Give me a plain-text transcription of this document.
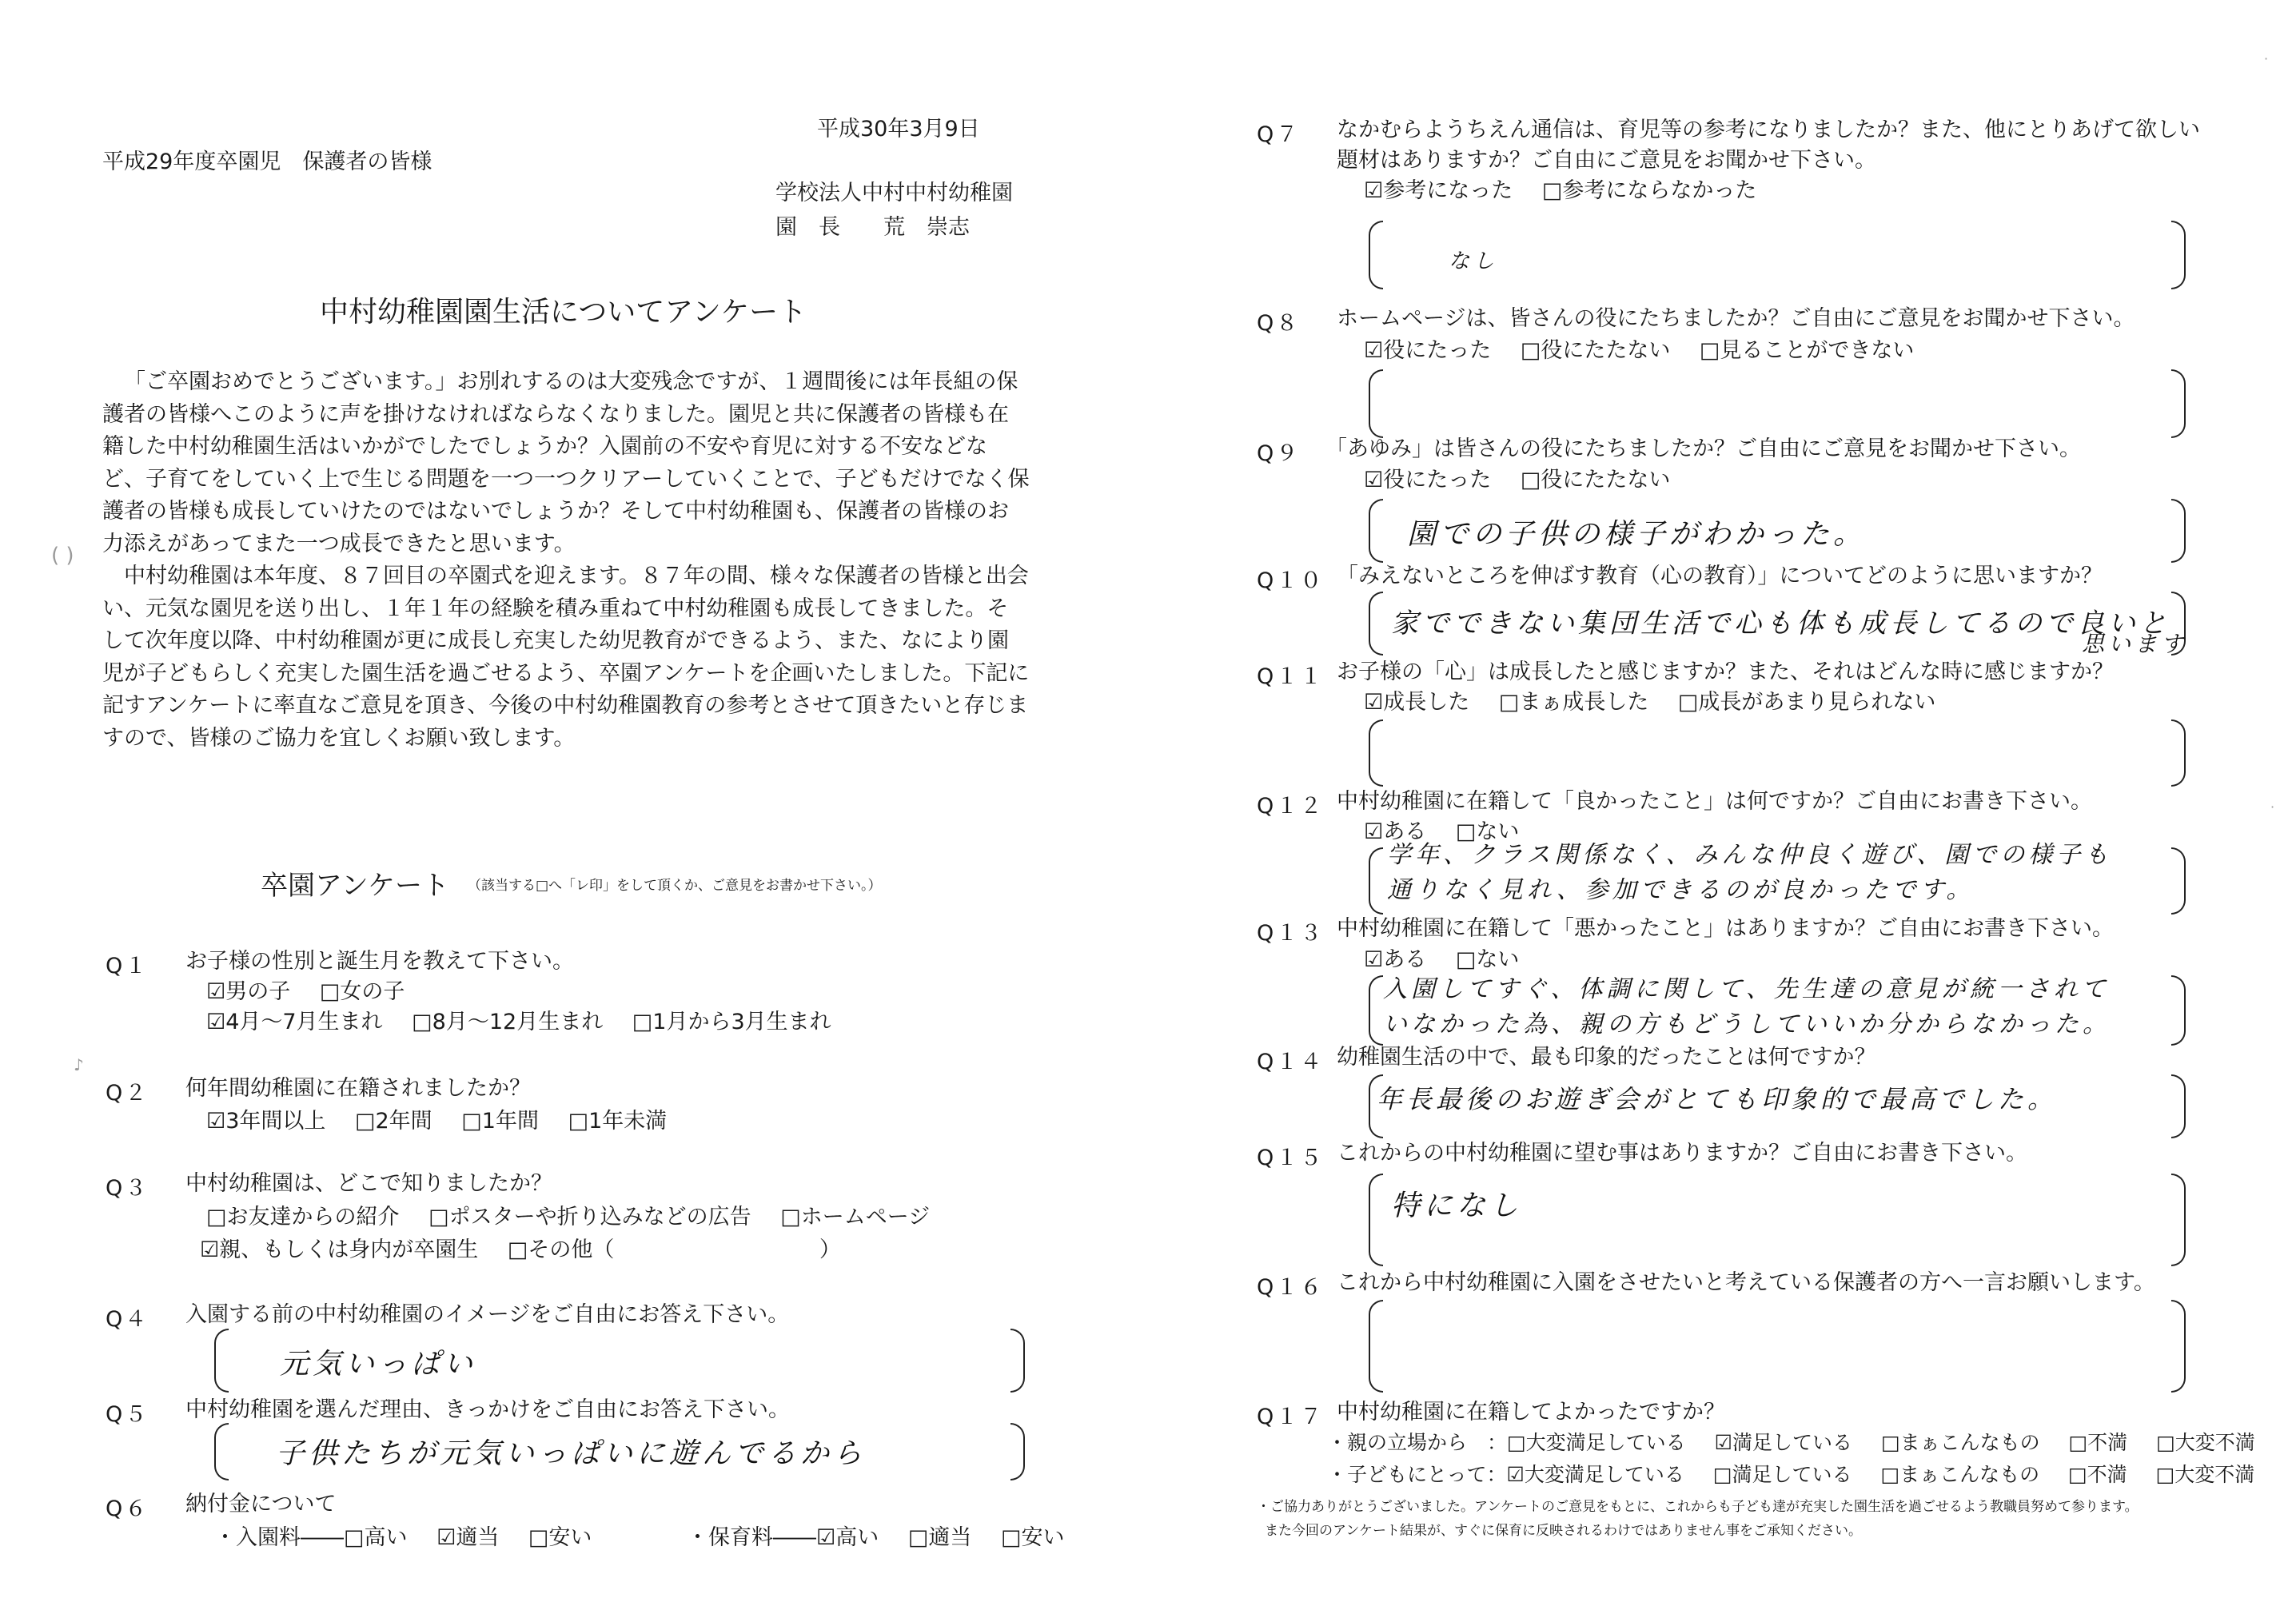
平成30年3月9日
平成29年度卒園児　保護者の皆様
学校法人中村中村幼稚園
園　長　　荒　崇志
中村幼稚園園生活についてアンケート

「ご卒園おめでとうございます。」お別れするのは大変残念ですが、１週間後には年長組の保護者の皆様へこのように声を掛けなければならなくなりました。園児と共に保護者の皆様も在籍した中村幼稚園生活はいかがでしたでしょうか？入園前の不安や育児に対する不安などなど、子育てをしていく上で生じる問題を一つ一つクリアーしていくことで、子どもだけでなく保護者の皆様も成長していけたのではないでしょうか？そして中村幼稚園も、保護者の皆様のお力添えがあってまた一つ成長できたと思います。

中村幼稚園は本年度、８７回目の卒園式を迎えます。８７年の間、様々な保護者の皆様と出会い、元気な園児を送り出し、１年１年の経験を積み重ねて中村幼稚園も成長してきました。そして次年度以降、中村幼稚園が更に成長し充実した幼児教育ができるよう、また、なにより園児が子どもらしく充実した園生活を過ごせるよう、卒園アンケートを企画いたしました。下記に記すアンケートに率直なご意見を頂き、今後の中村幼稚園教育の参考とさせて頂きたいと存じますので、皆様のご協力を宜しくお願い致します。

卒園アンケート （該当する□へ「レ印」をして頂くか、ご意見をお書かせ下さい。）
Q１ お子様の性別と誕生月を教えて下さい。
☑男の子 □女の子
☑4月～7月生まれ □8月～12月生まれ □1月から3月生まれ
Q２ 何年間幼稚園に在籍されましたか？
☑3年間以上 □2年間 □1年間 □1年未満
Q３ 中村幼稚園は、どこで知りましたか？
□お友達からの紹介 □ポスターや折り込みなどの広告 □ホームページ
☑親、もしくは身内が卒園生 □その他（	）
Q４ 入園する前の中村幼稚園のイメージをご自由にお答え下さい。
元気いっぱい
Q５ 中村幼稚園を選んだ理由、きっかけをご自由にお答え下さい。
子供たちが元気いっぱいに遊んでるから
Q６ 納付金について
・入園料――□高い ☑適当 □安い	・保育料――☑高い □適当 □安い
( )
♪
Q７ なかむらようちえん通信は、育児等の参考になりましたか？また、他にとりあげて欲しい
題材はありますか？ご自由にご意見をお聞かせ下さい。
☑参考になった □参考にならなかった
なし
Q８ ホームページは、皆さんの役にたちましたか？ご自由にご意見をお聞かせ下さい。
☑役にたった □役にたたない □見ることができない
Q９ 「あゆみ」は皆さんの役にたちましたか？ご自由にご意見をお聞かせ下さい。
☑役にたった □役にたたない
園での子供の様子がわかった。
Q１０ 「みえないところを伸ばす教育（心の教育）」についてどのように思いますか？
家でできない集団生活で心も体も成長してるので良いと
思います
Q１１ お子様の「心」は成長したと感じますか？また、それはどんな時に感じますか？
☑成長した □まぁ成長した □成長があまり見られない
Q１２ 中村幼稚園に在籍して「良かったこと」は何ですか？ご自由にお書き下さい。
☑ある □ない
学年、クラス関係なく、みんな仲良く遊び、園での様子も
通りなく見れ、参加できるのが良かったです。
Q１３ 中村幼稚園に在籍して「悪かったこと」はありますか？ご自由にお書き下さい。
☑ある □ない
入園してすぐ、体調に関して、先生達の意見が統一されて
いなかった為、親の方もどうしていいか分からなかった。
Q１４ 幼稚園生活の中で、最も印象的だったことは何ですか？
年長最後のお遊ぎ会がとても印象的で最高でした。
Q１５ これからの中村幼稚園に望む事はありますか？ご自由にお書き下さい。
特になし
Q１６ これから中村幼稚園に入園をさせたいと考えている保護者の方へ一言お願いします。
Q１７ 中村幼稚園に在籍してよかったですか？
・親の立場から　：□大変満足している ☑満足している □まぁこんなもの □不満 □大変不満
・子どもにとって：☑大変満足している □満足している □まぁこんなもの □不満 □大変不満
・ご協力ありがとうございました。アンケートのご意見をもとに、これからも子ども達が充実した園生活を過ごせるよう教職員努めて参ります。
また今回のアンケート結果が、すぐに保育に反映されるわけではありません事をご承知ください。
·
·
